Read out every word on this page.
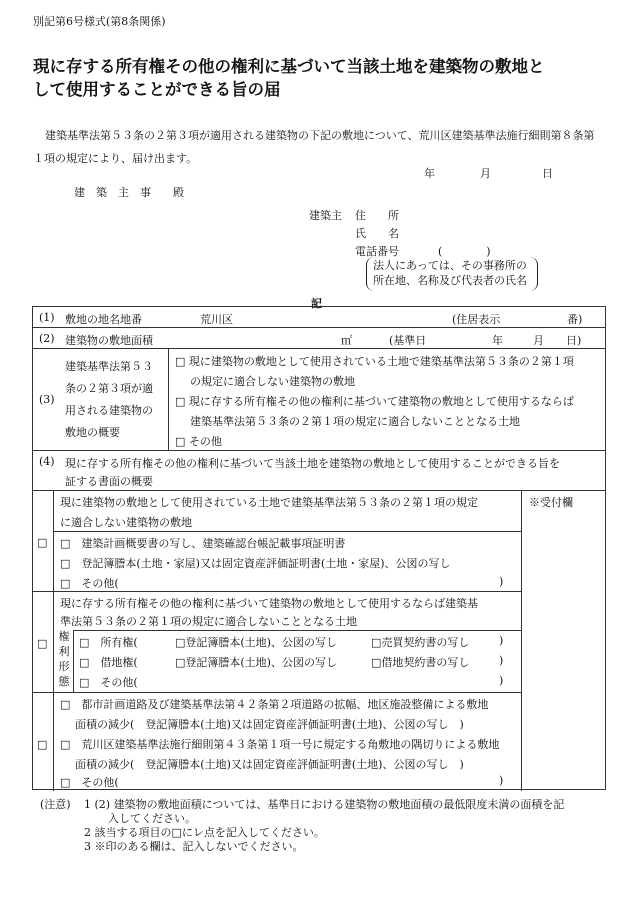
別記第6号様式(第8条関係)
現に存する所有権その他の権利に基づいて当該土地を建築物の敷地と
して使用することができる旨の届
建築基準法第５３条の２第３項が適用される建築物の下記の敷地について、荒川区建築基準法施行細則第８条第１項の規定により、届け出ます。
年	月	日
建　築　主　事　　殿
建築主 住　　所
氏　　名
電話番号	(　　　　)
法人にあっては、その事務所の
所在地、名称及び代表者の氏名
記
(1) 敷地の地名地番	荒川区	(住居表示	番)
(2) 建築物の敷地面積	㎡	(基準日	年	月 日)
(3)
建築基準法第５３条の２第３項が適用される建築物の敷地の概要
□ 現に建築物の敷地として使用されている土地で建築基準法第５３条の２第１項
の規定に適合しない建築物の敷地
□ 現に存する所有権その他の権利に基づいて建築物の敷地として使用するならば
建築基準法第５３条の２第１項の規定に適合しないこととなる土地
□ その他
(4) 現に存する所有権その他の権利に基づいて当該土地を建築物の敷地として使用することができる旨を
証する書面の概要
※受付欄
□
現に建築物の敷地として使用されている土地で建築基準法第５３条の２第１項の規定
に適合しない建築物の敷地
□　建築計画概要書の写し、建築確認台帳記載事項証明書
□　登記簿謄本(土地・家屋)又は固定資産評価証明書(土地・家屋)、公図の写し
□　その他(	)
□
現に存する所有権その他の権利に基づいて建築物の敷地として使用するならば建築基
準法第５３条の２第１項の規定に適合しないこととなる土地
権利形態
□　所有権(	□登記簿謄本(土地)、公図の写し	□売買契約書の写し	)
□　借地権(	□登記簿謄本(土地)、公図の写し	□借地契約書の写し	)
□　その他(	)
□
□　都市計画道路及び建築基準法第４２条第２項道路の拡幅、地区施設整備による敷地
面積の減少(　登記簿謄本(土地)又は固定資産評価証明書(土地)、公図の写し　)
□　荒川区建築基準法施行細則第４３条第１項一号に規定する角敷地の隅切りによる敷地
面積の減少(　登記簿謄本(土地)又は固定資産評価証明書(土地)、公図の写し　)
□　その他(	)
(注意) 1 (2) 建築物の敷地面積については、基準日における建築物の敷地面積の最低限度未満の面積を記
入してください。
2 該当する項目の□にレ点を記入してください。
3 ※印のある欄は、記入しないでください。
